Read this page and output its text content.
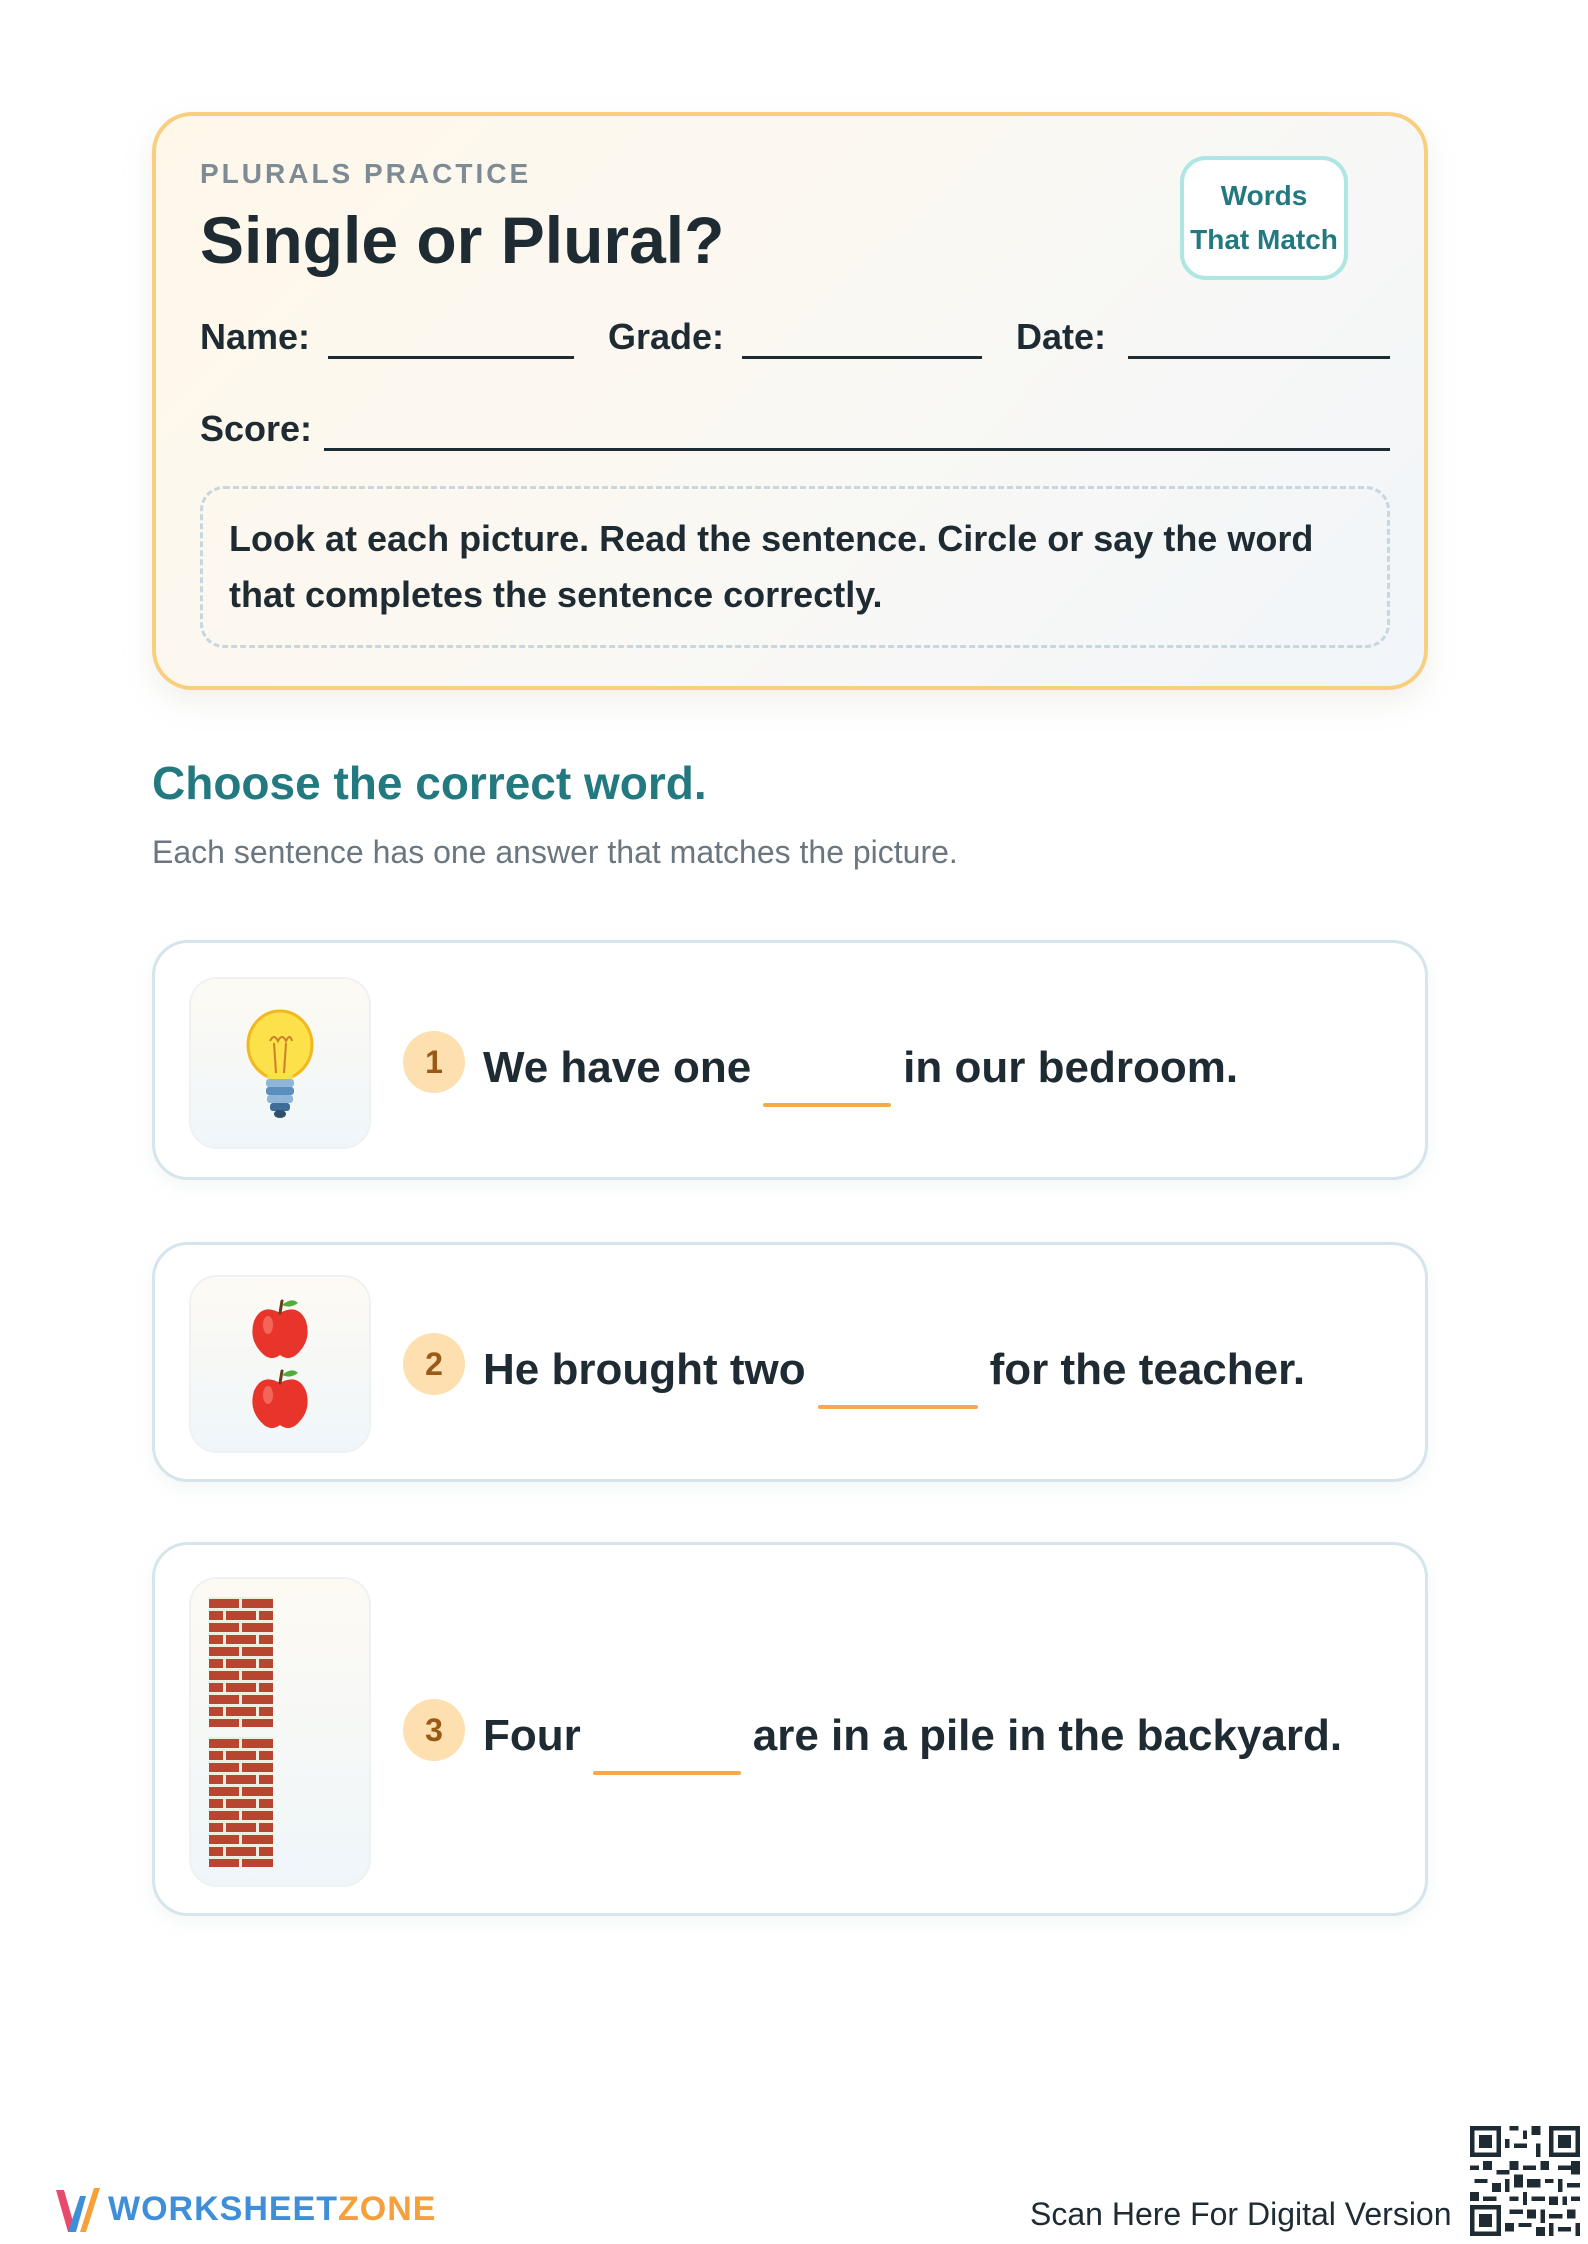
PLURALS PRACTICE

Single or Plural?
Words
That Match

Name:	Grade:	Date:

Score:

Look at each picture. Read the sentence. Circle or say the word that completes the sentence correctly.
Choose the correct word.

Each sentence has one answer that matches the picture.

1 We have one	in our bedroom.
2 He brought two	for the teacher.
3 Four	are in a pile in the backyard.

WORKSHEETZONE	Scan Here For Digital Version
